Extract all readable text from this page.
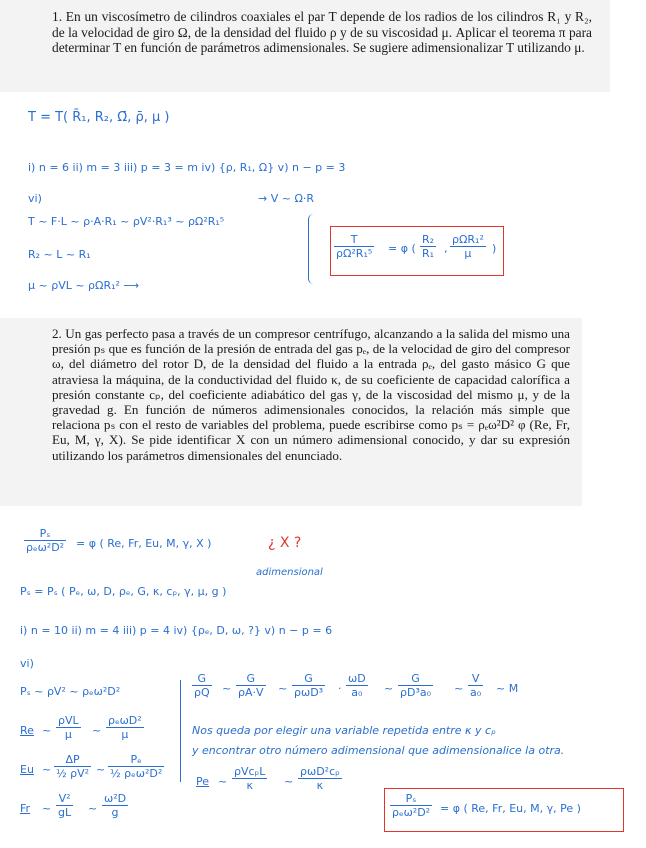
1. En un viscosímetro de cilindros coaxiales el par T depende de los radios de los cilindros R₁ y R₂, de la velocidad de giro Ω, de la densidad del fluido ρ y de su viscosidad μ. Aplicar el teorema π para determinar T en función de parámetros adimensionales. Se sugiere adimensionalizar T utilizando μ.

T = T( R̄₁, R₂, Ω̄, ρ̄, μ )
i) n = 6 ii) m = 3 iii) p = 3 = m iv) {ρ, R₁, Ω} v) n − p = 3
vi)	→ V ~ Ω·R
T ~ F·L ~ ρ·A·R₁ ~ ρV²·R₁³ ~ ρΩ²R₁⁵
R₂ ~ L ~ R₁
μ ~ ρVL ~ ρΩR₁² ⟶
T
ρΩ²R₁⁵ = φ (
R₂
R₁ ,
ρΩR₁²
μ )

2. Un gas perfecto pasa a través de un compresor centrífugo, alcanzando a la salida del mismo una presión pₛ que es función de la presión de entrada del gas pₑ, de la velocidad de giro del compresor ω, del diámetro del rotor D, de la densidad del fluido a la entrada ρₑ, del gasto másico G que atraviesa la máquina, de la conductividad del fluido κ, de su coeficiente de capacidad calorífica a presión constante cₚ, del coeficiente adiabático del gas γ, de la viscosidad del mismo μ, y de la gravedad g. En función de números adimensionales conocidos, la relación más simple que relaciona pₛ con el resto de variables del problema, puede escribirse como pₛ = ρₑω²D² φ (Re, Fr, Eu, M, γ, X). Se pide identificar X con un número adimensional conocido, y dar su expresión utilizando los parámetros dimensionales del enunciado.

Pₛ
ρₑω²D² = φ ( Re, Fr, Eu, M, γ, X )	¿ X ?
adimensional
Pₛ = Pₛ ( Pₑ, ω, D, ρₑ, G, κ, cₚ, γ, μ, g )
i) n = 10 ii) m = 4 iii) p = 4 iv) {ρₑ, D, ω, ?} v) n − p = 6
vi)
Pₛ ~ ρV² ~ ρₑω²D²
Re ~
ρVL
μ ~
ρₑωD²
μ
Eu ~
ΔP
½ ρV² ~
Pₑ
½ ρₑω²D²
Fr ~
V²
gL ~
ω²D
g
G
ρQ ~
G
ρA·V ~
G
ρωD³ ·
ωD
a₀ ~
G
ρD³a₀ ~
V
a₀ ~ M
Nos queda por elegir una variable repetida entre κ y cₚ
y encontrar otro número adimensional que adimensionalice la otra.
Pe ~
ρVcₚL
κ	~
ρωD²cₚ
κ
Pₛ
ρₑω²D² = φ ( Re, Fr, Eu, M, γ, Pe )
